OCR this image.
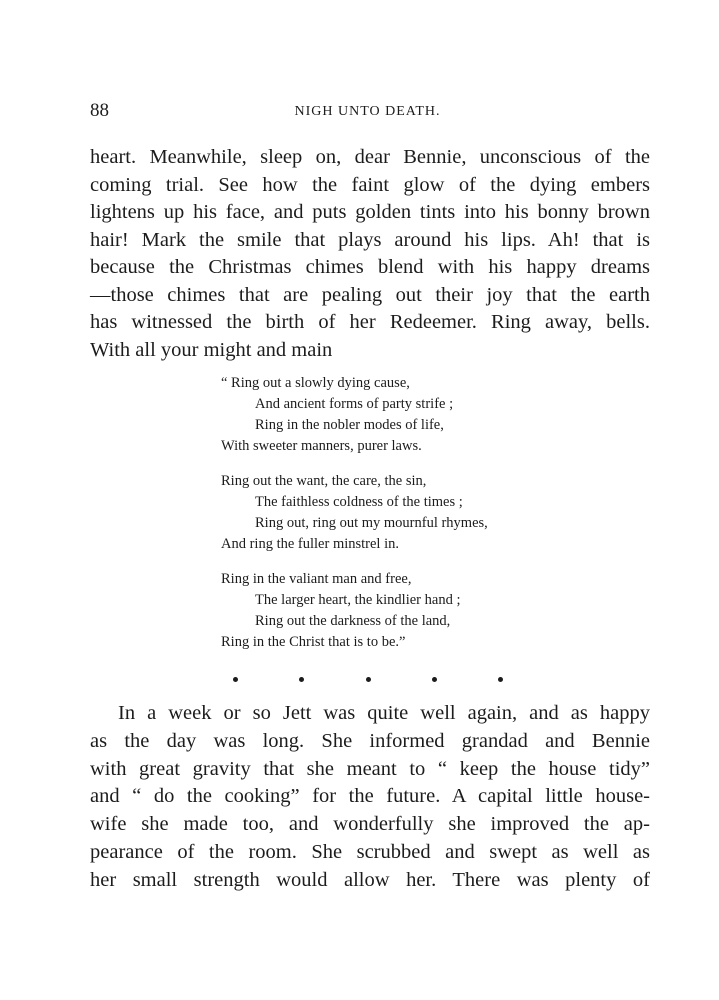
88	NIGH UNTO DEATH.
heart. Meanwhile, sleep on, dear Bennie, unconscious of the
coming trial. See how the faint glow of the dying embers
lightens up his face, and puts golden tints into his bonny brown
hair! Mark the smile that plays around his lips. Ah! that is
because the Christmas chimes blend with his happy dreams
—those chimes that are pealing out their joy that the earth
has witnessed the birth of her Redeemer. Ring away, bells.
With all your might and main
“ Ring out a slowly dying cause,
And ancient forms of party strife ;
Ring in the nobler modes of life,
With sweeter manners, purer laws.
Ring out the want, the care, the sin,
The faithless coldness of the times ;
Ring out, ring out my mournful rhymes,
And ring the fuller minstrel in.
Ring in the valiant man and free,
The larger heart, the kindlier hand ;
Ring out the darkness of the land,
Ring in the Christ that is to be.”
In a week or so Jett was quite well again, and as happy
as the day was long. She informed grandad and Bennie
with great gravity that she meant to “ keep the house tidy”
and “ do the cooking” for the future. A capital little house-
wife she made too, and wonderfully she improved the ap-
pearance of the room. She scrubbed and swept as well as
her small strength would allow her. There was plenty of
